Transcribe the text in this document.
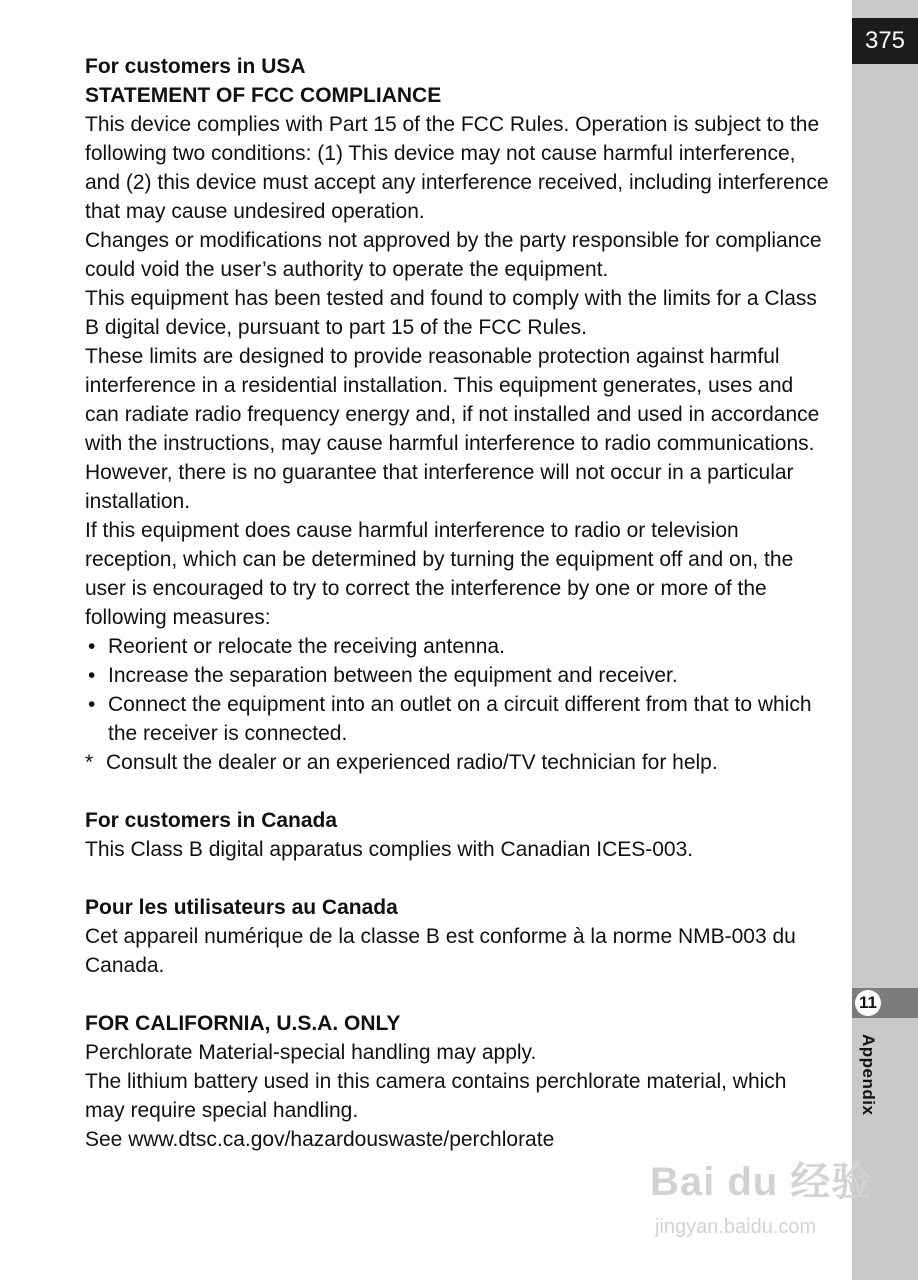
375
11
Appendix

For customers in USA

STATEMENT OF FCC COMPLIANCE

This device complies with Part 15 of the FCC Rules. Operation is subject to the following two conditions: (1) This device may not cause harmful interference, and (2) this device must accept any interference received, including interference that may cause undesired operation.

Changes or modifications not approved by the party responsible for compliance could void the user’s authority to operate the equipment.

This equipment has been tested and found to comply with the limits for a Class B digital device, pursuant to part 15 of the FCC Rules.

These limits are designed to provide reasonable protection against harmful interference in a residential installation. This equipment generates, uses and can radiate radio frequency energy and, if not installed and used in accordance with the instructions, may cause harmful interference to radio communications. However, there is no guarantee that interference will not occur in a particular installation.

If this equipment does cause harmful interference to radio or television reception, which can be determined by turning the equipment off and on, the user is encouraged to try to correct the interference by one or more of the following measures:

• Reorient or relocate the receiving antenna.

• Increase the separation between the equipment and receiver.

• Connect the equipment into an outlet on a circuit different from that to which the receiver is connected.

* Consult the dealer or an experienced radio/TV technician for help.

For customers in Canada

This Class B digital apparatus complies with Canadian ICES-003.

Pour les utilisateurs au Canada

Cet appareil numérique de la classe B est conforme à la norme NMB-003 du Canada.

FOR CALIFORNIA, U.S.A. ONLY

Perchlorate Material-special handling may apply.

The lithium battery used in this camera contains perchlorate material, which may require special handling.

See www.dtsc.ca.gov/hazardouswaste/perchlorate

Bai du 经验
jingyan.baidu.com
